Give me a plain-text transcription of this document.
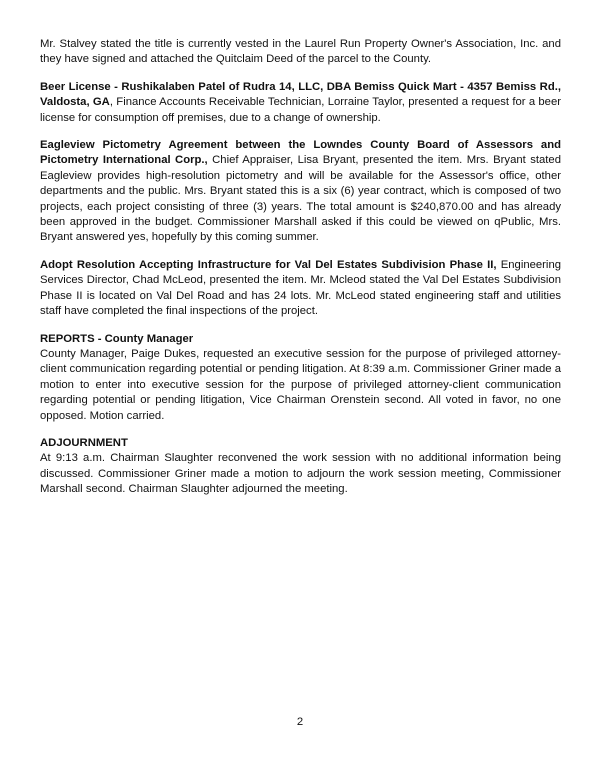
Mr. Stalvey stated the title is currently vested in the Laurel Run Property Owner's Association, Inc. and they have signed and attached the Quitclaim Deed of the parcel to the County.

Beer License - Rushikalaben Patel of Rudra 14, LLC, DBA Bemiss Quick Mart - 4357 Bemiss Rd., Valdosta, GA, Finance Accounts Receivable Technician, Lorraine Taylor, presented a request for a beer license for consumption off premises, due to a change of ownership.

Eagleview Pictometry Agreement between the Lowndes County Board of Assessors and Pictometry International Corp., Chief Appraiser, Lisa Bryant, presented the item. Mrs. Bryant stated Eagleview provides high-resolution pictometry and will be available for the Assessor's office, other departments and the public. Mrs. Bryant stated this is a six (6) year contract, which is composed of two projects, each project consisting of three (3) years. The total amount is $240,870.00 and has already been approved in the budget. Commissioner Marshall asked if this could be viewed on qPublic, Mrs. Bryant answered yes, hopefully by this coming summer.

Adopt Resolution Accepting Infrastructure for Val Del Estates Subdivision Phase II, Engineering Services Director, Chad McLeod, presented the item. Mr. Mcleod stated the Val Del Estates Subdivision Phase II is located on Val Del Road and has 24 lots. Mr. McLeod stated engineering staff and utilities staff have completed the final inspections of the project.

REPORTS - County Manager
County Manager, Paige Dukes, requested an executive session for the purpose of privileged attorney-client communication regarding potential or pending litigation. At 8:39 a.m. Commissioner Griner made a motion to enter into executive session for the purpose of privileged attorney-client communication regarding potential or pending litigation, Vice Chairman Orenstein second. All voted in favor, no one opposed. Motion carried.
ADJOURNMENT
At 9:13 a.m. Chairman Slaughter reconvened the work session with no additional information being discussed. Commissioner Griner made a motion to adjourn the work session meeting, Commissioner Marshall second. Chairman Slaughter adjourned the meeting.
2
